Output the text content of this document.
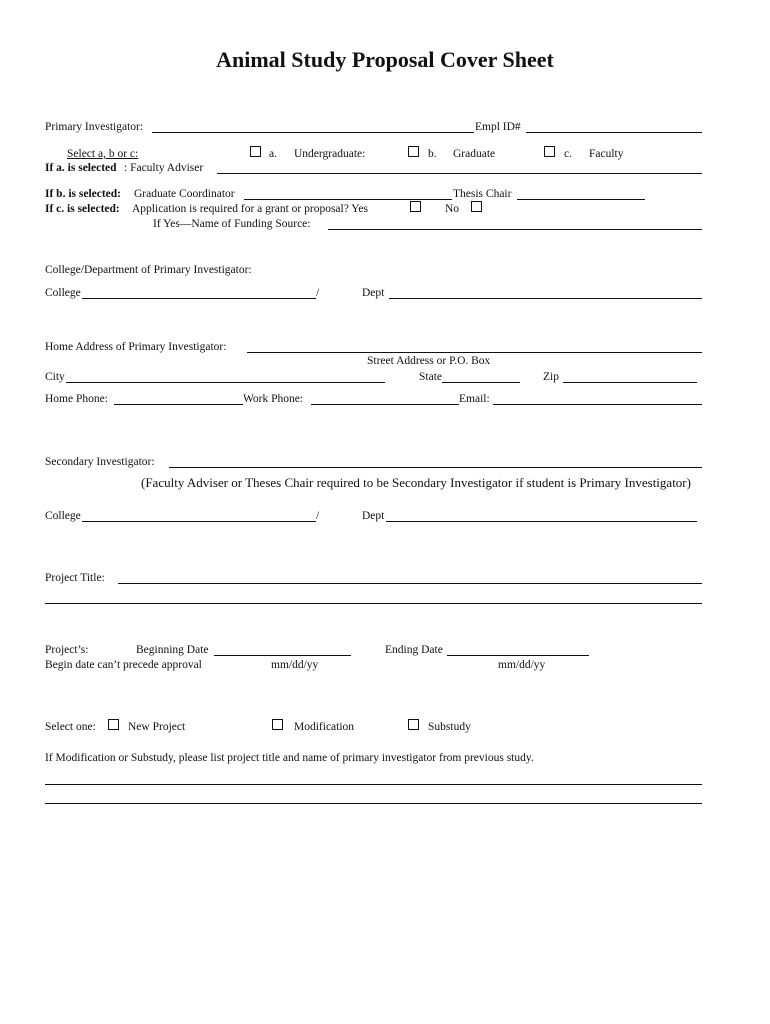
Animal Study Proposal Cover Sheet
Primary Investigator:	Empl ID#
Select a, b or c:	a. Undergraduate:	b. Graduate	c. Faculty
If a. is selected : Faculty Adviser
If b. is selected: Graduate Coordinator	Thesis Chair
If c. is selected: Application is required for a grant or proposal? Yes	No
If Yes—Name of Funding Source:
College/Department of Primary Investigator:
College	/	Dept
Home Address of Primary Investigator:
Street Address or P.O. Box
City	State	Zip
Home Phone:	Work Phone:	Email:
Secondary Investigator:
(Faculty Adviser or Theses Chair required to be Secondary Investigator if student is Primary Investigator)
College	/	Dept
Project Title:
Project’s:	Beginning Date	Ending Date
Begin date can’t precede approval	mm/dd/yy	mm/dd/yy
Select one:	New Project	Modification	Substudy
If Modification or Substudy, please list project title and name of primary investigator from previous study.
